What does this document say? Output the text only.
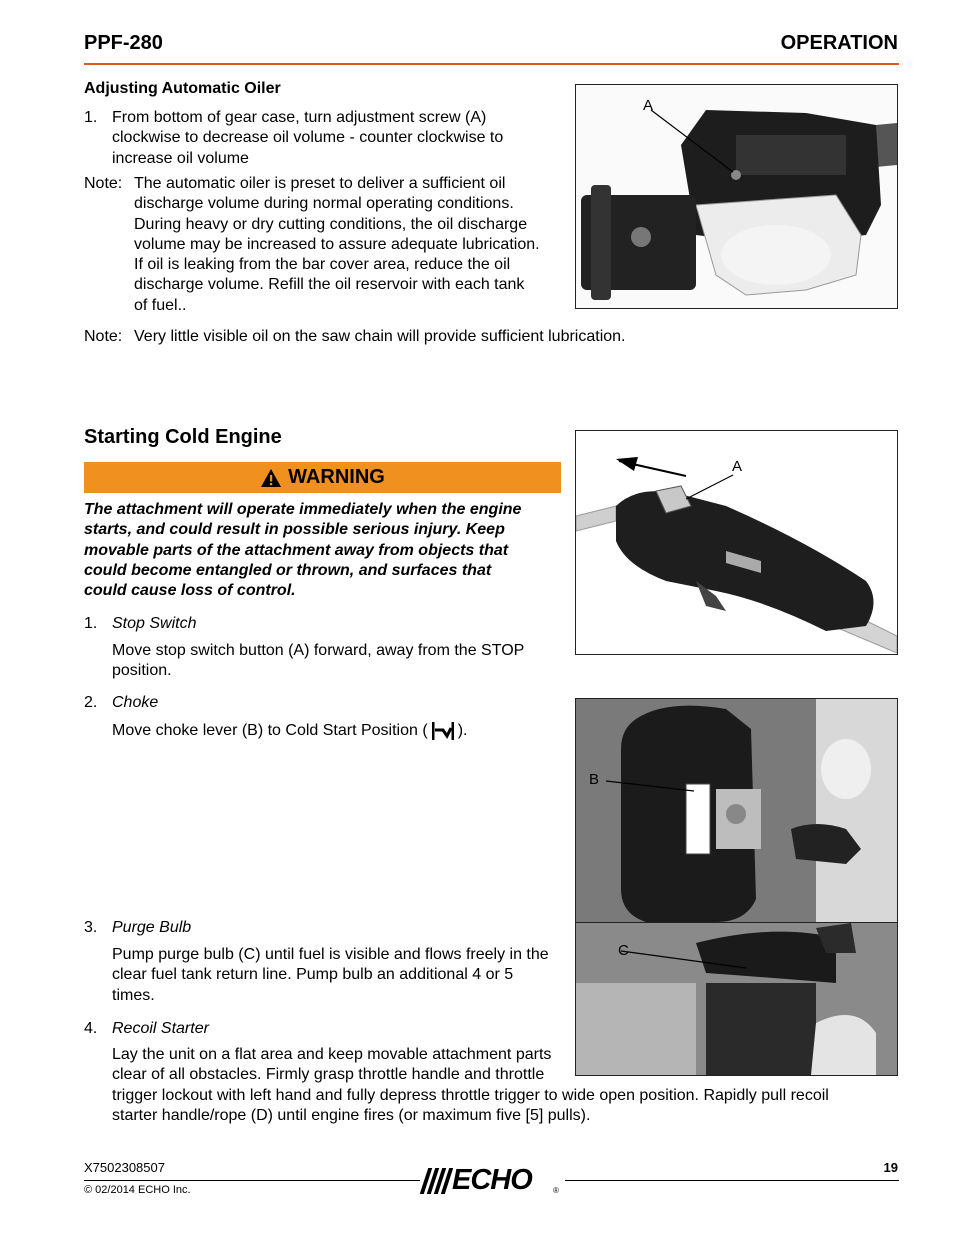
PPF-280	OPERATION
Adjusting Automatic Oiler
1. From bottom of gear case, turn adjustment screw (A)
clockwise to decrease oil volume - counter clockwise to
increase oil volume
Note: The automatic oiler is preset to deliver a sufficient oil
discharge volume during normal operating conditions.
During heavy or dry cutting conditions, the oil discharge
volume may be increased to assure adequate lubrication.
If oil is leaking from the bar cover area, reduce the oil
discharge volume. Refill the oil reservoir with each tank
of fuel..
Note: Very little visible oil on the saw chain will provide sufficient lubrication.
A
Starting Cold Engine
WARNING
The attachment will operate immediately when the engine
starts, and could result in possible serious injury. Keep
movable parts of the attachment away from objects that
could become entangled or thrown, and surfaces that
could cause loss of control.
1. Stop Switch
Move stop switch button (A) forward, away from the STOP
position.
2. Choke
Move choke lever (B) to Cold Start Position ( ).
3. Purge Bulb
Pump purge bulb (C) until fuel is visible and flows freely in the
clear fuel tank return line. Pump bulb an additional 4 or 5
times.
4. Recoil Starter
Lay the unit on a flat area and keep movable attachment parts
clear of all obstacles. Firmly grasp throttle handle and throttle
trigger lockout with left hand and fully depress throttle trigger to wide open position. Rapidly pull recoil
starter handle/rope (D) until engine fires (or maximum five [5] pulls).
A
B
C
X7502308507
© 02/2014 ECHO Inc.
19
ECHO	®
